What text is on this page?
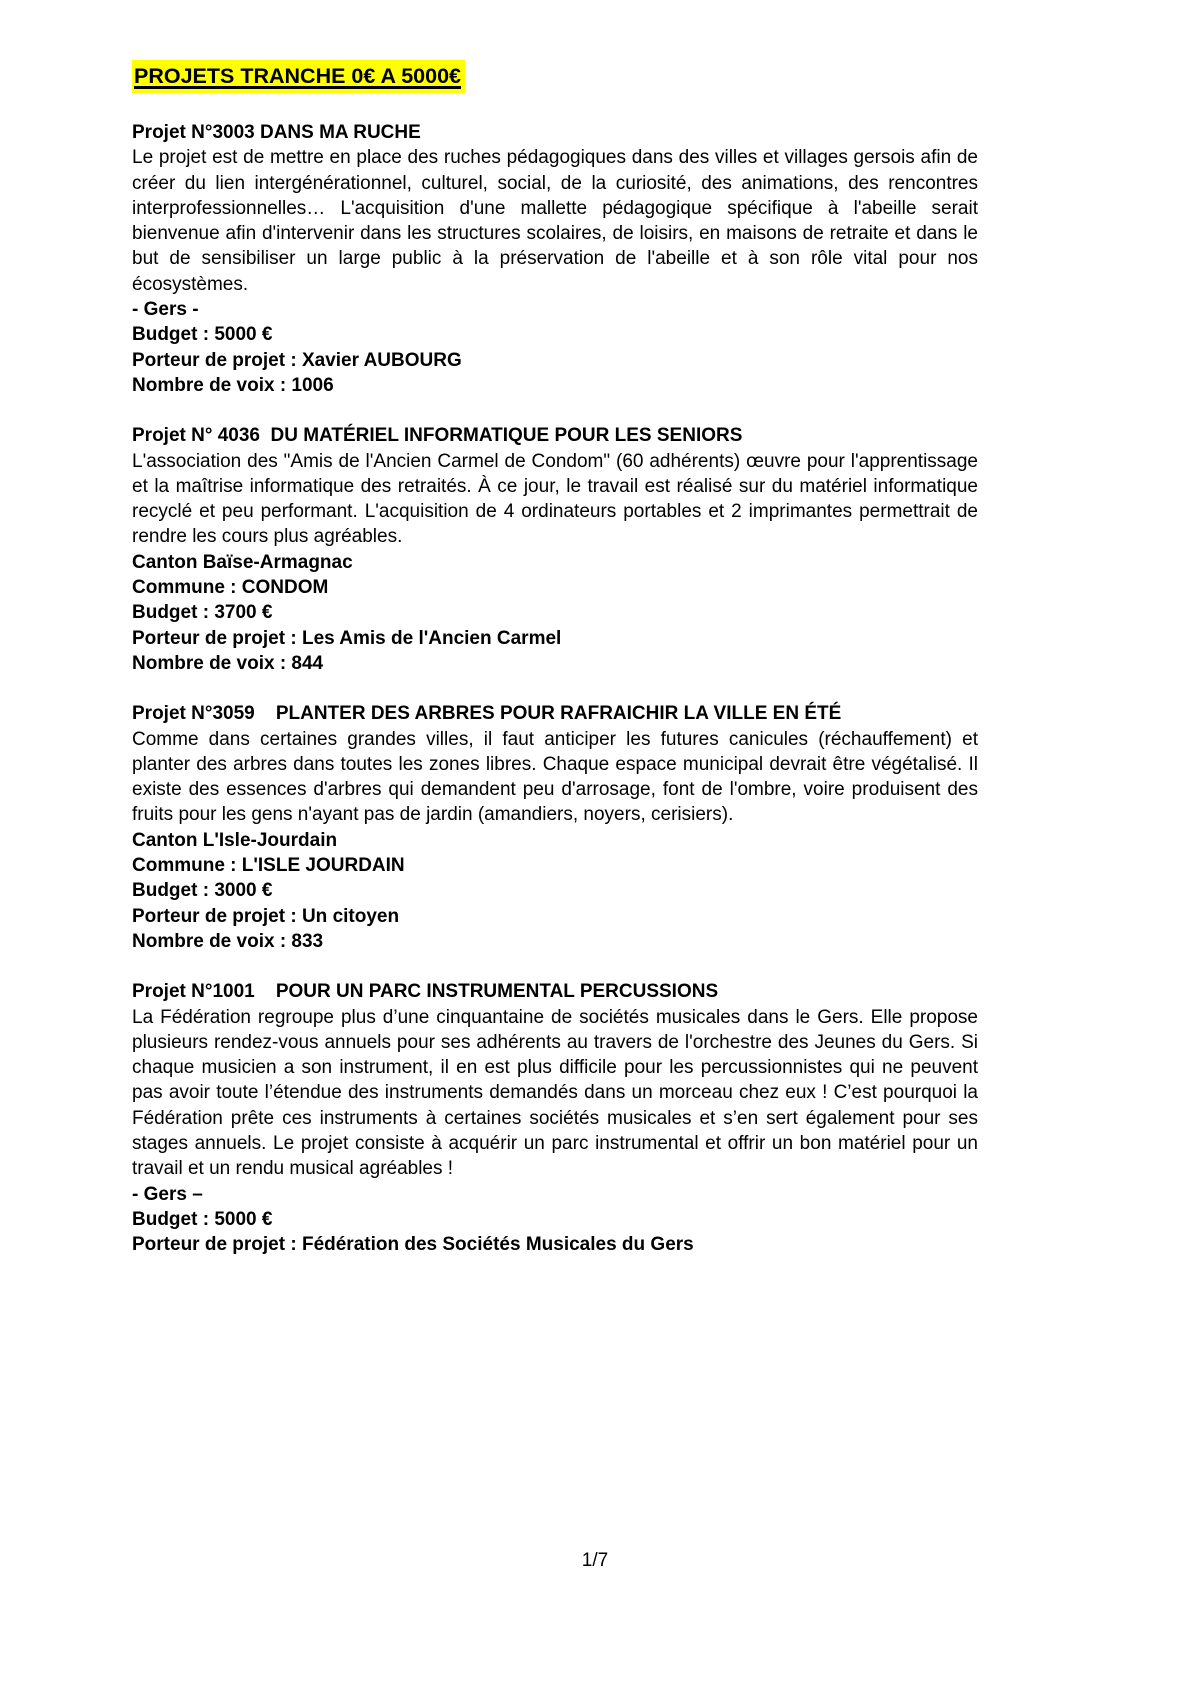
PROJETS TRANCHE 0€ A 5000€
Projet N°3003 DANS MA RUCHE

Le projet est de mettre en place des ruches pédagogiques dans des villes et villages gersois afin de créer du lien intergénérationnel, culturel, social, de la curiosité, des animations, des rencontres interprofessionnelles… L'acquisition d'une mallette pédagogique spécifique à l'abeille serait bienvenue afin d'intervenir dans les structures scolaires, de loisirs, en maisons de retraite et dans le but de sensibiliser un large public à la préservation de l'abeille et à son rôle vital pour nos écosystèmes.

- Gers -

Budget : 5000 €

Porteur de projet : Xavier AUBOURG

Nombre de voix : 1006

Projet N° 4036  DU MATÉRIEL INFORMATIQUE POUR LES SENIORS

L'association des "Amis de l'Ancien Carmel de Condom" (60 adhérents) œuvre pour l'apprentissage et la maîtrise informatique des retraités. À ce jour, le travail est réalisé sur du matériel informatique recyclé et peu performant. L'acquisition de 4 ordinateurs portables et 2 imprimantes permettrait de rendre les cours plus agréables.

Canton Baïse-Armagnac

Commune : CONDOM

Budget : 3700 €

Porteur de projet : Les Amis de l'Ancien Carmel

Nombre de voix : 844

Projet N°3059    PLANTER DES ARBRES POUR RAFRAICHIR LA VILLE EN ÉTÉ

Comme dans certaines grandes villes, il faut anticiper les futures canicules (réchauffement) et planter des arbres dans toutes les zones libres. Chaque espace municipal devrait être végétalisé. Il existe des essences d'arbres qui demandent peu d'arrosage, font de l'ombre, voire produisent des fruits pour les gens n'ayant pas de jardin (amandiers, noyers, cerisiers).

Canton L'Isle-Jourdain

Commune : L'ISLE JOURDAIN

Budget : 3000 €

Porteur de projet : Un citoyen

Nombre de voix : 833

Projet N°1001    POUR UN PARC INSTRUMENTAL PERCUSSIONS

La Fédération regroupe plus d’une cinquantaine de sociétés musicales dans le Gers. Elle propose plusieurs rendez-vous annuels pour ses adhérents au travers de l'orchestre des Jeunes du Gers. Si chaque musicien a son instrument, il en est plus difficile pour les percussionnistes qui ne peuvent pas avoir toute l’étendue des instruments demandés dans un morceau chez eux ! C’est pourquoi la Fédération prête ces instruments à certaines sociétés musicales et s’en sert également pour ses stages annuels. Le projet consiste à acquérir un parc instrumental et offrir un bon matériel pour un travail et un rendu musical agréables !

- Gers –

Budget : 5000 €

Porteur de projet : Fédération des Sociétés Musicales du Gers

1/7
